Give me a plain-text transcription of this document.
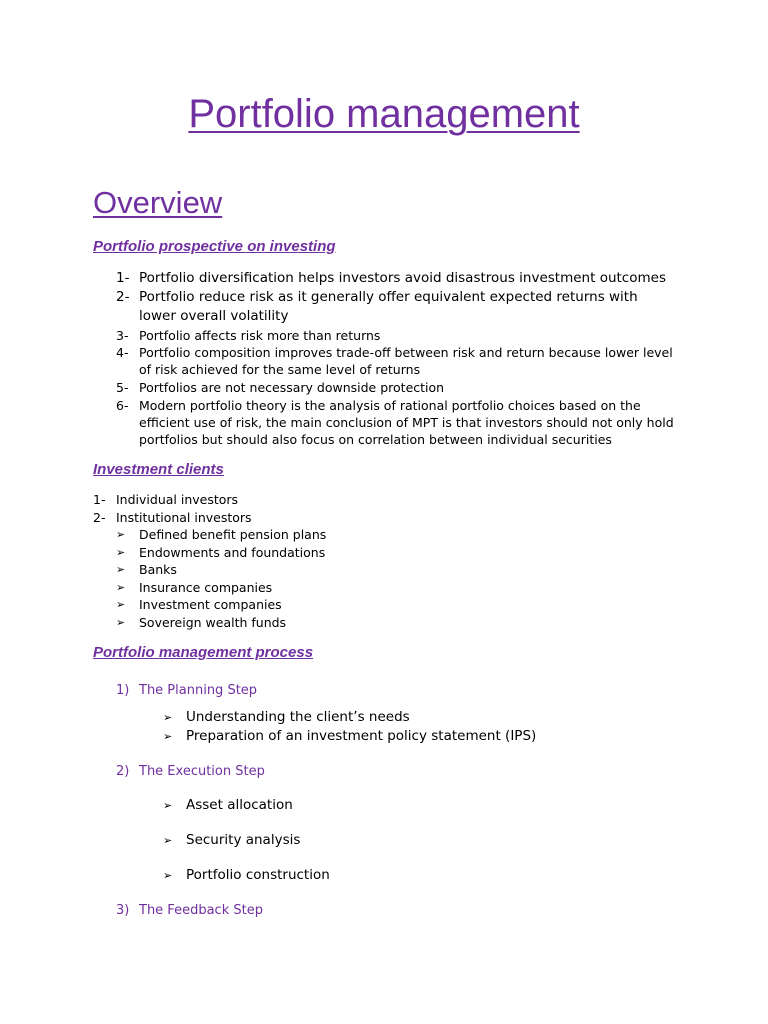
Portfolio management
Overview
Portfolio prospective on investing
1- Portfolio diversification helps investors avoid disastrous investment outcomes
2- Portfolio reduce risk as it generally offer equivalent expected returns with lower overall volatility
3- Portfolio affects risk more than returns
4- Portfolio composition improves trade-off between risk and return because lower level of risk achieved for the same level of returns
5- Portfolios are not necessary downside protection
6- Modern portfolio theory is the analysis of rational portfolio choices based on the efficient use of risk, the main conclusion of MPT is that investors should not only hold portfolios but should also focus on correlation between individual securities
Investment clients
1- Individual investors
2- Institutional investors
➢ Defined benefit pension plans
➢ Endowments and foundations
➢ Banks
➢ Insurance companies
➢ Investment companies
➢ Sovereign wealth funds
Portfolio management process
1) The Planning Step
➢ Understanding the client’s needs
➢ Preparation of an investment policy statement (IPS)
2) The Execution Step
➢ Asset allocation
➢ Security analysis
➢ Portfolio construction
3) The Feedback Step
